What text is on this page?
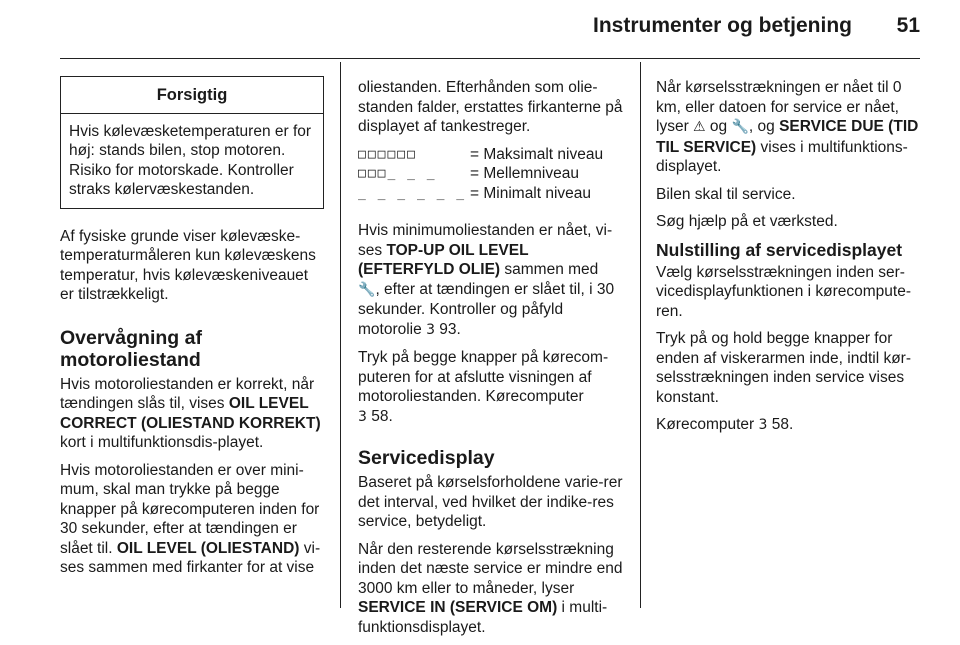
Instrumenter og betjening 51
Forsigtig
Hvis kølevæsketemperaturen er for høj: stands bilen, stop motoren. Risiko for motorskade. Kontroller straks kølervæskestanden.

Af fysiske grunde viser kølevæske-temperaturmåleren kun kølevæskens temperatur, hvis kølevæskeniveauet er tilstrækkeligt.

Overvågning af motoroliestand

Hvis motoroliestanden er korrekt, når tændingen slås til, vises OIL LEVEL CORRECT (OLIESTAND KORREKT) kort i multifunktionsdis-playet.

Hvis motoroliestanden er over mini-mum, skal man trykke på begge knapper på kørecomputeren inden for 30 sekunder, efter at tændingen er slået til. OIL LEVEL (OLIESTAND) vi-ses sammen med firkanter for at vise

oliestanden. Efterhånden som olie-standen falder, erstattes firkanterne på displayet af tankestreger.

□□□□□□	= Maksimalt niveau
□□□_ _ _	= Mellemniveau
_ _ _ _ _ _ = Minimalt niveau

Hvis minimumoliestanden er nået, vi-ses TOP-UP OIL LEVEL (EFTERFYLD OLIE) sammen med
🔧, efter at tændingen er slået til, i 30 sekunder. Kontroller og påfyld motorolie 3 93.

Tryk på begge knapper på kørecom-puteren for at afslutte visningen af motoroliestanden. Kørecomputer
3 58.

Servicedisplay

Baseret på kørselsforholdene varie-rer det interval, ved hvilket der indike-res service, betydeligt.

Når den resterende kørselsstrækning inden det næste service er mindre end 3000 km eller to måneder, lyser SERVICE IN (SERVICE OM) i multi-funktionsdisplayet.

Når kørselsstrækningen er nået til 0 km, eller datoen for service er nået, lyser ⚠ og 🔧, og SERVICE DUE (TID TIL SERVICE) vises i multifunktions-displayet.

Bilen skal til service.

Søg hjælp på et værksted.

Nulstilling af servicedisplayet

Vælg kørselsstrækningen inden ser-vicedisplayfunktionen i kørecompute-ren.

Tryk på og hold begge knapper for enden af viskerarmen inde, indtil kør-selsstrækningen inden service vises konstant.

Kørecomputer 3 58.
